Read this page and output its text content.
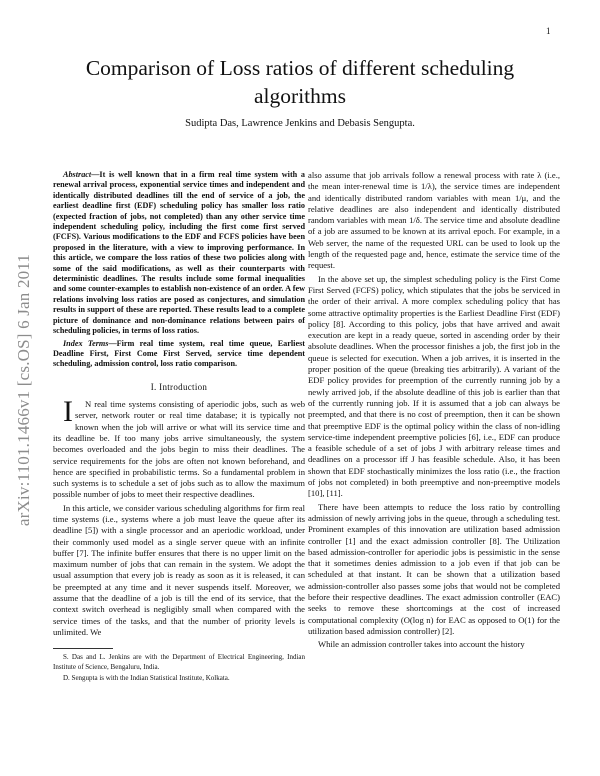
1
Comparison of Loss ratios of different scheduling algorithms
Sudipta Das, Lawrence Jenkins and Debasis Sengupta.
arXiv:1101.1466v1 [cs.OS] 6 Jan 2011

Abstract—It is well known that in a firm real time system with a renewal arrival process, exponential service times and independent and identically distributed deadlines till the end of service of a job, the earliest deadline first (EDF) scheduling policy has smaller loss ratio (expected fraction of jobs, not completed) than any other service time independent scheduling policy, including the first come first served (FCFS). Various modifications to the EDF and FCFS policies have been proposed in the literature, with a view to improving performance. In this article, we compare the loss ratios of these two policies along with some of the said modifications, as well as their counterparts with deterministic deadlines. The results include some formal inequalities and some counter-examples to establish non-existence of an order. A few relations involving loss ratios are posed as conjectures, and simulation results in support of these are reported. These results lead to a complete picture of dominance and non-dominance relations between pairs of scheduling policies, in terms of loss ratios.

Index Terms—Firm real time system, real time queue, Earliest Deadline First, First Come First Served, service time dependent scheduling, admission control, loss ratio comparison.

I. Introduction

I N real time systems consisting of aperiodic jobs, such as web server, network router or real time database; it is typically not known when the job will arrive or what will its service time and its deadline be. If too many jobs arrive simultaneously, the system becomes overloaded and the jobs begin to miss their deadlines. The service requirements for the jobs are often not known beforehand, and hence are specified in probabilistic terms. So a fundamental problem in such systems is to schedule a set of jobs such as to allow the maximum possible number of jobs to meet their respective deadlines.

In this article, we consider various scheduling algorithms for firm real time systems (i.e., systems where a job must leave the queue after its deadline [5]) with a single processor and an aperiodic workload, under their commonly used model as a single server queue with an infinite buffer [7]. The infinite buffer ensures that there is no upper limit on the maximum number of jobs that can remain in the system. We adopt the usual assumption that every job is ready as soon as it is released, it can be preempted at any time and it never suspends itself. Moreover, we assume that the deadline of a job is till the end of its service, that the context switch overhead is negligibly small when compared with the service times of the tasks, and that the number of priority levels is unlimited. We

S. Das and L. Jenkins are with the Department of Electrical Engineering, Indian Institute of Science, Bengaluru, India.

D. Sengupta is with the Indian Statistical Institute, Kolkata.

also assume that job arrivals follow a renewal process with rate λ (i.e., the mean inter-renewal time is 1/λ), the service times are independent and identically distributed random variables with mean 1/μ, and the relative deadlines are also independent and identically distributed random variables with mean 1/δ. The service time and absolute deadline of a job are assumed to be known at its arrival epoch. For example, in a Web server, the name of the requested URL can be used to look up the length of the requested page and, hence, estimate the service time of the request.

In the above set up, the simplest scheduling policy is the First Come First Served (FCFS) policy, which stipulates that the jobs be serviced in the order of their arrival. A more complex scheduling policy that has some attractive optimality properties is the Earliest Deadline First (EDF) policy [8]. According to this policy, jobs that have arrived and await execution are kept in a ready queue, sorted in ascending order by their absolute deadlines. When the processor finishes a job, the first job in the queue is selected for execution. When a job arrives, it is inserted in the proper position of the queue (breaking ties arbitrarily). A variant of the EDF policy provides for preemption of the currently running job by a newly arrived job, if the absolute deadline of this job is earlier than that of the currently running job. If it is assumed that a job can always be preempted, and that there is no cost of preemption, then it can be shown that preemptive EDF is the optimal policy within the class of non-idling service-time independent preemptive policies [6], i.e., EDF can produce a feasible schedule of a set of jobs J with arbitrary release times and deadlines on a processor iff J has feasible schedule. Also, it has been shown that EDF stochastically minimizes the loss ratio (i.e., the fraction of jobs not completed) in both preemptive and non-preemptive models [10], [11].

There have been attempts to reduce the loss ratio by controlling admission of newly arriving jobs in the queue, through a scheduling test. Prominent examples of this innovation are utilization based admission controller [1] and the exact admission controller [8]. The Utilization based admission-controller for aperiodic jobs is pessimistic in the sense that it sometimes denies admission to a job even if that job can be scheduled at that instant. It can be shown that a utilization based admission-controller also passes some jobs that would not be completed before their respective deadlines. The exact admission controller (EAC) seeks to remove these shortcomings at the cost of increased computational complexity (O(log n) for EAC as opposed to O(1) for the utilization based admission controller) [2].

While an admission controller takes into account the history
